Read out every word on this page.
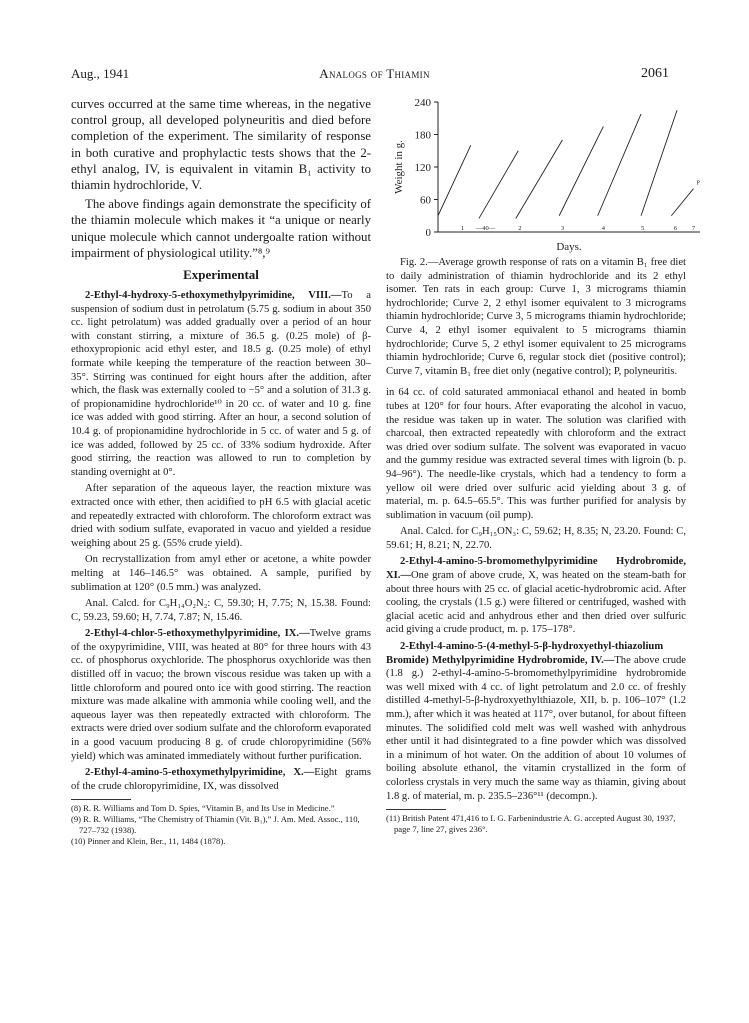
Aug., 1941	Analogs of Thiamin	2061

curves occurred at the same time whereas, in the negative control group, all developed polyneuritis and died before completion of the experiment. The similarity of response in both curative and prophylactic tests shows that the 2-ethyl analog, IV, is equivalent in vitamin B₁ activity to thiamin hydrochloride, V.

The above findings again demonstrate the specificity of the thiamin molecule which makes it “a unique or nearly unique molecule which cannot undergoalte ration without impairment of physiological utility.”⁸,⁹

Experimental

2-Ethyl-4-hydroxy-5-ethoxymethylpyrimidine, VIII.—To a suspension of sodium dust in petrolatum (5.75 g. sodium in about 350 cc. light petrolatum) was added gradually over a period of an hour with constant stirring, a mixture of 36.5 g. (0.25 mole) of β-ethoxypropionic acid ethyl ester, and 18.5 g. (0.25 mole) of ethyl formate while keeping the temperature of the reaction between 30–35°. Stirring was continued for eight hours after the addition, after which, the flask was externally cooled to −5° and a solution of 31.3 g. of propionamidine hydrochloride¹⁰ in 20 cc. of water and 10 g. fine ice was added with good stirring. After an hour, a second solution of 10.4 g. of propionamidine hydrochloride in 5 cc. of water and 5 g. of ice was added, followed by 25 cc. of 33% sodium hydroxide. After good stirring, the reaction was allowed to run to completion by standing overnight at 0°.

After separation of the aqueous layer, the reaction mixture was extracted once with ether, then acidified to pH 6.5 with glacial acetic and repeatedly extracted with chloroform. The chloroform extract was dried with sodium sulfate, evaporated in vacuo and yielded a residue weighing about 25 g. (55% crude yield).

On recrystallization from amyl ether or acetone, a white powder melting at 146–146.5° was obtained. A sample, purified by sublimation at 120° (0.5 mm.) was analyzed.

Anal. Calcd. for C₉H₁₄O₂N₂: C, 59.30; H, 7.75; N, 15.38. Found: C, 59.23, 59.60; H, 7.74, 7.87; N, 15.46.

2-Ethyl-4-chlor-5-ethoxymethylpyrimidine, IX.—Twelve grams of the oxypyrimidine, VIII, was heated at 80° for three hours with 43 cc. of phosphorus oxychloride. The phosphorus oxychloride was then distilled off in vacuo; the brown viscous residue was taken up with a little chloroform and poured onto ice with good stirring. The reaction mixture was made alkaline with ammonia while cooling well, and the aqueous layer was then repeatedly extracted with chloroform. The extracts were dried over sodium sulfate and the chloroform evaporated in a good vacuum producing 8 g. of crude chloropyrimidine (56% yield) which was aminated immediately without further purification.

2-Ethyl-4-amino-5-ethoxymethylpyrimidine, X.—Eight grams of the crude chloropyrimidine, IX, was dissolved

(8) R. R. Williams and Tom D. Spies, “Vitamin B₁ and Its Use in Medicine.”
(9) R. R. Williams, “The Chemistry of Thiamin (Vit. B₁),” J. Am. Med. Assoc., 110, 727–732 (1938).
(10) Pinner and Klein, Ber., 11, 1484 (1878).
0
60
120
180
240
Weight in g.
1 —40—	2	3	4	5	6 7
Days.
P

Fig. 2.—Average growth response of rats on a vitamin B₁ free diet to daily administration of thiamin hydrochloride and its 2 ethyl isomer. Ten rats in each group: Curve 1, 3 micrograms thiamin hydrochloride; Curve 2, 2 ethyl isomer equivalent to 3 micrograms thiamin hydrochloride; Curve 3, 5 micrograms thiamin hydrochloride; Curve 4, 2 ethyl isomer equivalent to 5 micrograms thiamin hydrochloride; Curve 5, 2 ethyl isomer equivalent to 25 micrograms thiamin hydrochloride; Curve 6, regular stock diet (positive control); Curve 7, vitamin B₁ free diet only (negative control); P, polyneuritis.

in 64 cc. of cold saturated ammoniacal ethanol and heated in bomb tubes at 120° for four hours. After evaporating the alcohol in vacuo, the residue was taken up in water. The solution was clarified with charcoal, then extracted repeatedly with chloroform and the extract was dried over sodium sulfate. The solvent was evaporated in vacuo and the gummy residue was extracted several times with ligroin (b. p. 94–96°). The needle-like crystals, which had a tendency to form a yellow oil were dried over sulfuric acid yielding about 3 g. of material, m. p. 64.5–65.5°. This was further purified for analysis by sublimation in vacuum (oil pump).

Anal. Calcd. for C₉H₁₅ON₃: C, 59.62; H, 8.35; N, 23.20. Found: C, 59.61; H, 8.21; N, 22.70.

2-Ethyl-4-amino-5-bromomethylpyrimidine Hydrobromide, XI.—One gram of above crude, X, was heated on the steam-bath for about three hours with 25 cc. of glacial acetic-hydrobromic acid. After cooling, the crystals (1.5 g.) were filtered or centrifuged, washed with glacial acetic acid and anhydrous ether and then dried over sulfuric acid giving a crude product, m. p. 175–178°.

2-Ethyl-4-amino-5-(4-methyl-5-β-hydroxyethyl-thiazolium Bromide) Methylpyrimidine Hydrobromide, IV.—The above crude (1.8 g.) 2-ethyl-4-amino-5-bromomethylpyrimidine hydrobromide was well mixed with 4 cc. of light petrolatum and 2.0 cc. of freshly distilled 4-methyl-5-β-hydroxyethylthiazole, XII, b. p. 106–107° (1.2 mm.), after which it was heated at 117°, over butanol, for about fifteen minutes. The solidified cold melt was well washed with anhydrous ether until it had disintegrated to a fine powder which was dissolved in a minimum of hot water. On the addition of about 10 volumes of boiling absolute ethanol, the vitamin crystallized in the form of colorless crystals in very much the same way as thiamin, giving about 1.8 g. of material, m. p. 235.5–236°¹¹ (decompn.).

(11) British Patent 471,416 to I. G. Farbenindustrie A. G. accepted August 30, 1937, page 7, line 27, gives 236°.
